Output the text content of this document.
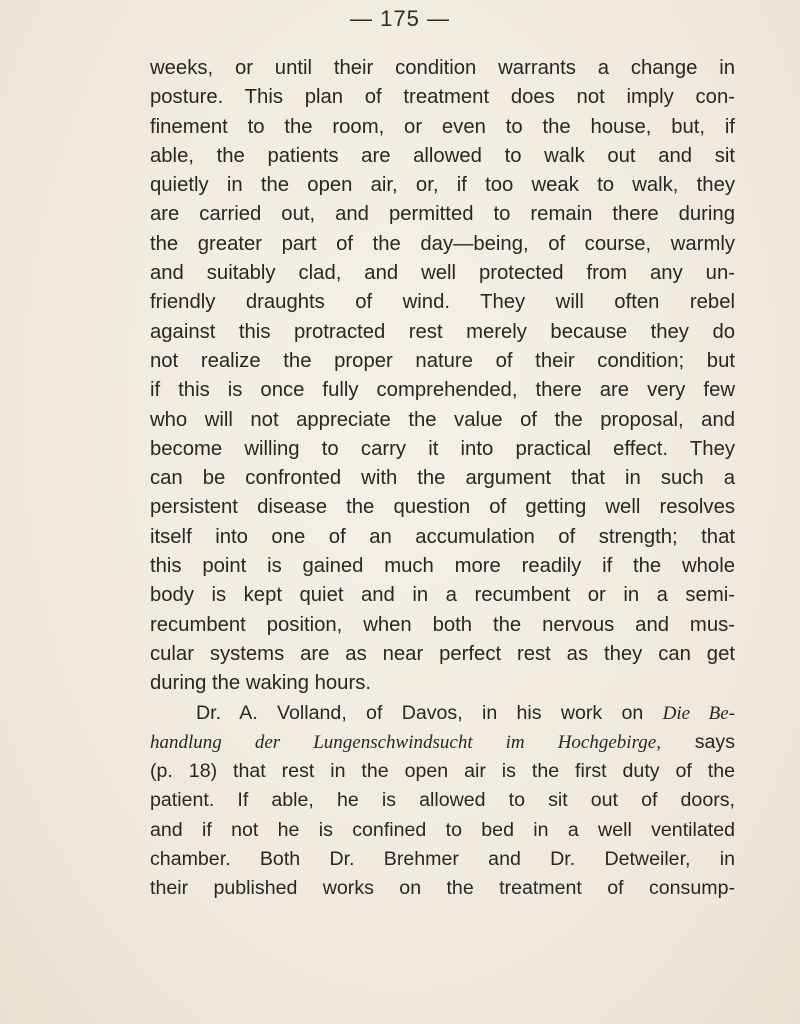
— 175 —
weeks, or until their condition warrants a change in
posture. This plan of treatment does not imply con-
finement to the room, or even to the house, but, if
able, the patients are allowed to walk out and sit
quietly in the open air, or, if too weak to walk, they
are carried out, and permitted to remain there during
the greater part of the day—being, of course, warmly
and suitably clad, and well protected from any un-
friendly draughts of wind. They will often rebel
against this protracted rest merely because they do
not realize the proper nature of their condition; but
if this is once fully comprehended, there are very few
who will not appreciate the value of the proposal, and
become willing to carry it into practical effect. They
can be confronted with the argument that in such a
persistent disease the question of getting well resolves
itself into one of an accumulation of strength; that
this point is gained much more readily if the whole
body is kept quiet and in a recumbent or in a semi-
recumbent position, when both the nervous and mus-
cular systems are as near perfect rest as they can get
during the waking hours.
Dr. A. Volland, of Davos, in his work on Die Be-
handlung der Lungenschwindsucht im Hochgebirge, says
(p. 18) that rest in the open air is the first duty of the
patient. If able, he is allowed to sit out of doors,
and if not he is confined to bed in a well ventilated
chamber. Both Dr. Brehmer and Dr. Detweiler, in
their published works on the treatment of consump-
